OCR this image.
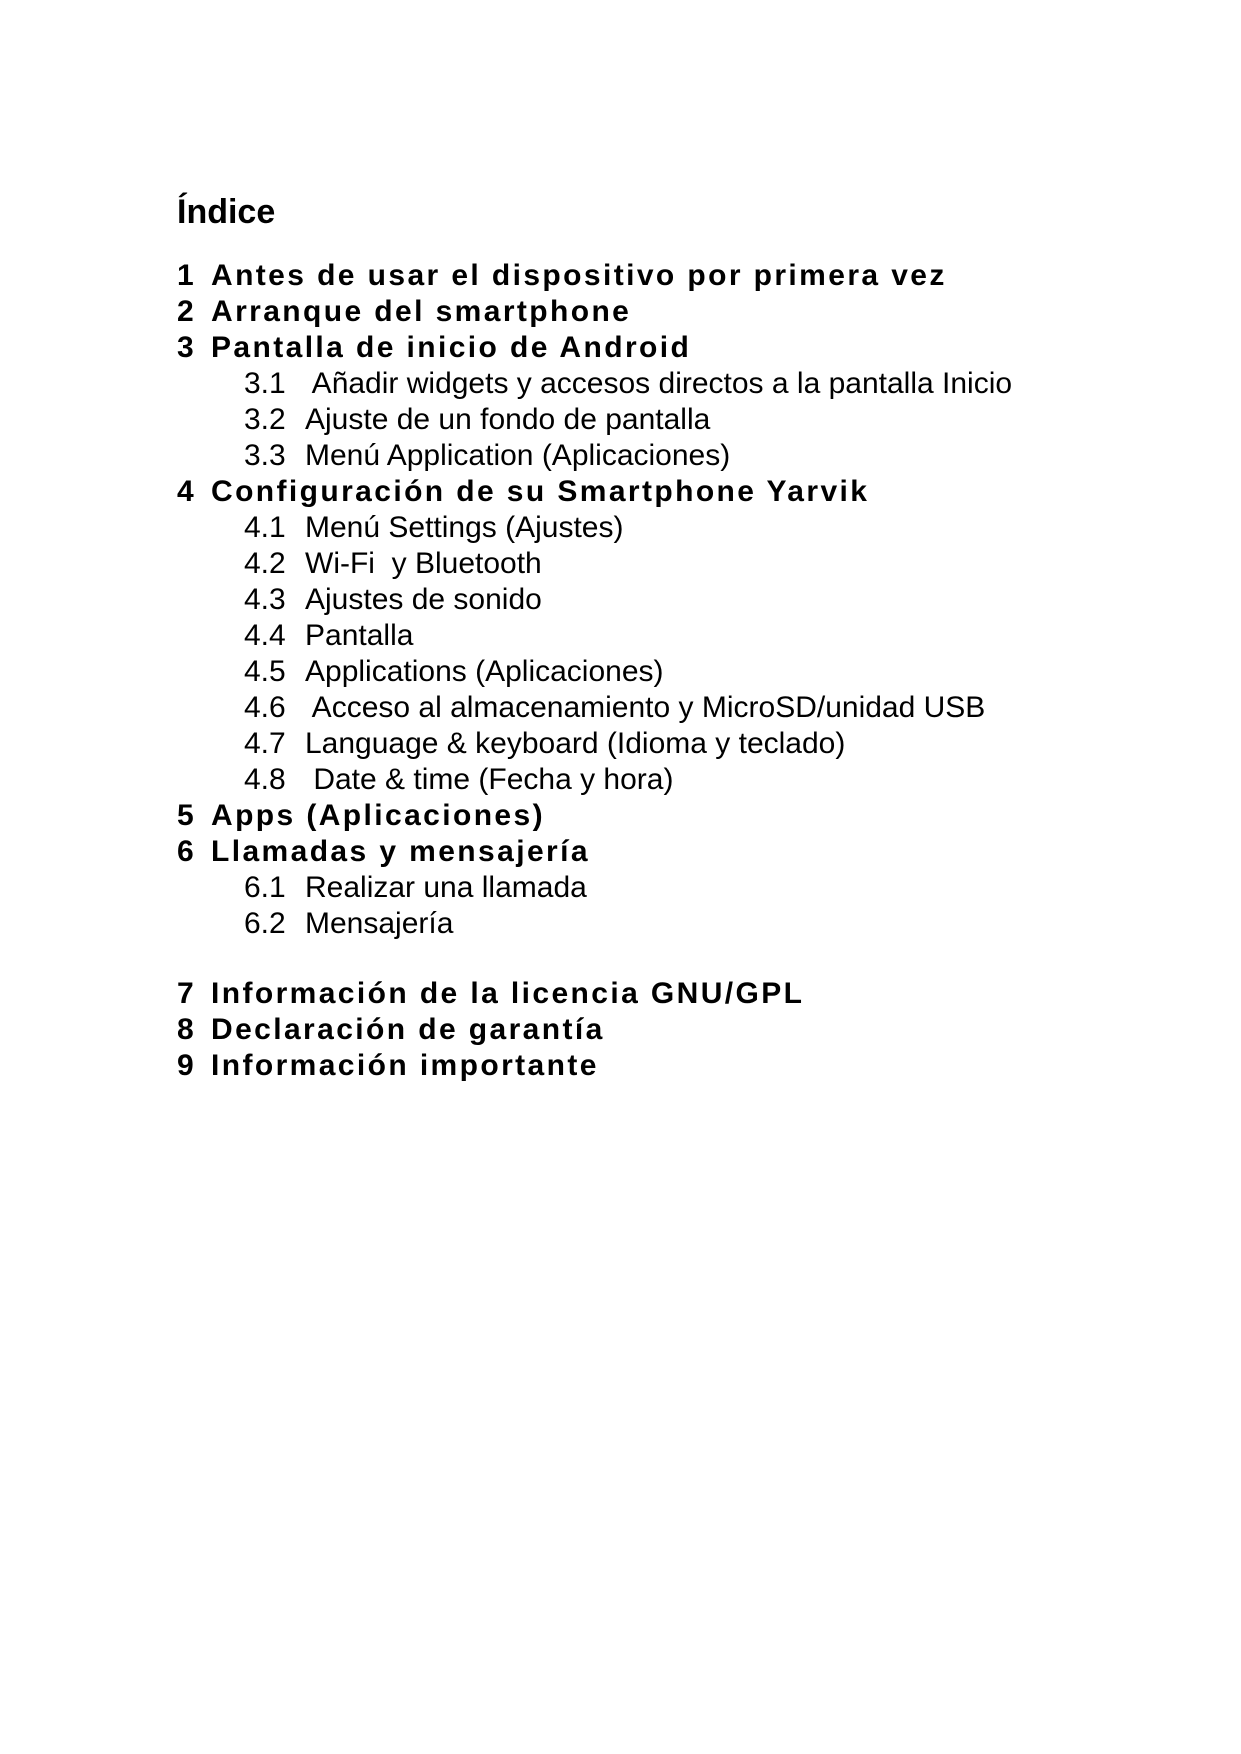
Índice
1 Antes de usar el dispositivo por primera vez
2 Arranque del smartphone
3 Pantalla de inicio de Android
3.1 Añadir widgets y accesos directos a la pantalla Inicio
3.2 Ajuste de un fondo de pantalla
3.3 Menú Application (Aplicaciones)
4 Configuración de su Smartphone Yarvik
4.1 Menú Settings (Ajustes)
4.2 Wi-Fi  y Bluetooth
4.3 Ajustes de sonido
4.4 Pantalla
4.5 Applications (Aplicaciones)
4.6 Acceso al almacenamiento y MicroSD/unidad USB
4.7 Language & keyboard (Idioma y teclado)
4.8 Date & time (Fecha y hora)
5 Apps (Aplicaciones)
6 Llamadas y mensajería
6.1 Realizar una llamada
6.2 Mensajería
7 Información de la licencia GNU/GPL
8 Declaración de garantía
9 Información importante
